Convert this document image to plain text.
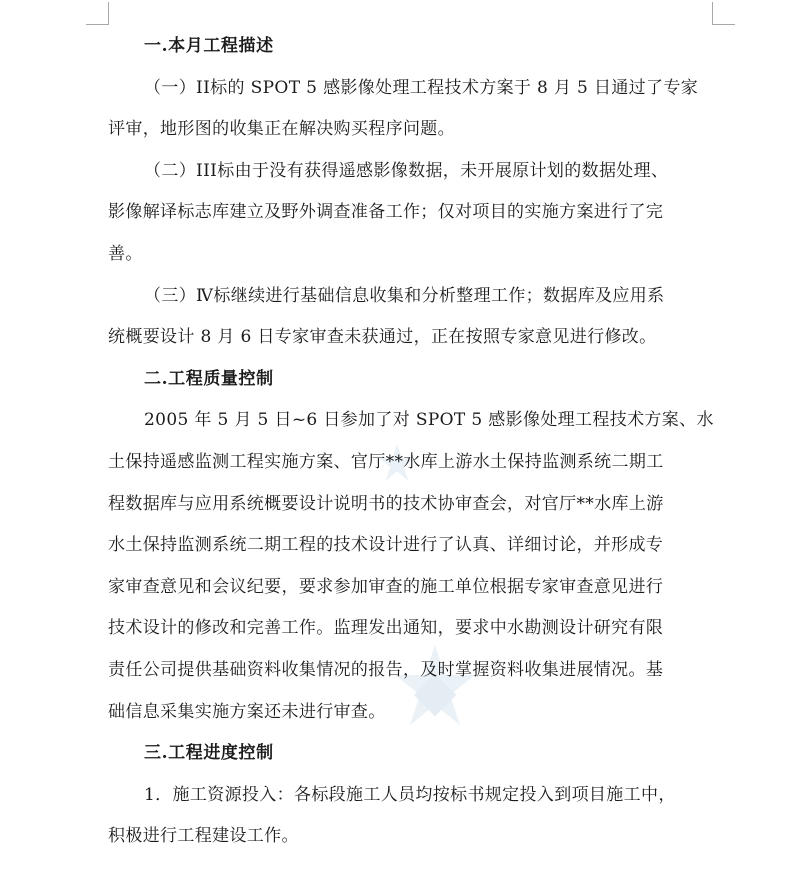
一.本月工程描述
（一）II标的 SPOT 5 感影像处理工程技术方案于 8 月 5 日通过了专家
评审，地形图的收集正在解决购买程序问题。
（二）III标由于没有获得遥感影像数据，未开展原计划的数据处理、
影像解译标志库建立及野外调查准备工作；仅对项目的实施方案进行了完
善。
（三）Ⅳ标继续进行基础信息收集和分析整理工作；数据库及应用系
统概要设计 8 月 6 日专家审查未获通过，正在按照专家意见进行修改。
二.工程质量控制
2005 年 5 月 5 日~6 日参加了对 SPOT 5 感影像处理工程技术方案、水
土保持遥感监测工程实施方案、官厅**水库上游水土保持监测系统二期工
程数据库与应用系统概要设计说明书的技术协审查会，对官厅**水库上游
水土保持监测系统二期工程的技术设计进行了认真、详细讨论，并形成专
家审查意见和会议纪要，要求参加审查的施工单位根据专家审查意见进行
技术设计的修改和完善工作。监理发出通知，要求中水勘测设计研究有限
责任公司提供基础资料收集情况的报告，及时掌握资料收集进展情况。基
础信息采集实施方案还未进行审查。
三.工程进度控制
1．施工资源投入：各标段施工人员均按标书规定投入到项目施工中，
积极进行工程建设工作。
